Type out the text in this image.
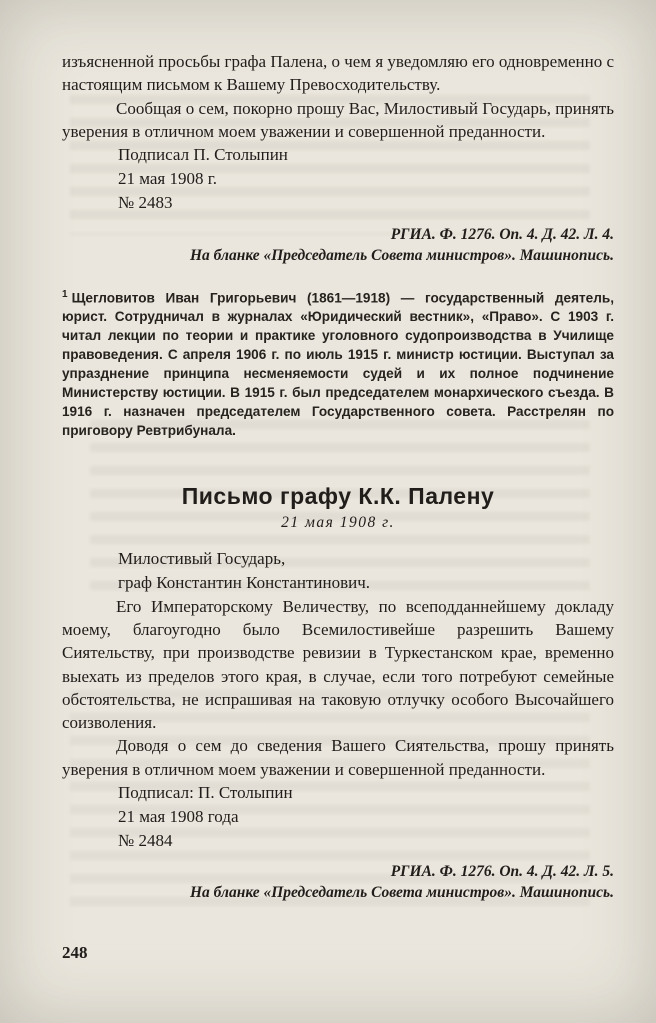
изъясненной просьбы графа Палена, о чем я уведомляю его одновременно с настоящим письмом к Вашему Превосходительству.

Сообщая о сем, покорно прошу Вас, Милостивый Государь, принять уверения в отличном моем уважении и совершенной преданности.

Подписал П. Столыпин
21 мая 1908 г.
№ 2483
РГИА. Ф. 1276. Оп. 4. Д. 42. Л. 4.
На бланке «Председатель Совета министров». Машинопись.

$^1$ Щегловитов Иван Григорьевич (1861—1918) — государственный деятель, юрист. Сотрудничал в журналах «Юридический вестник», «Право». С 1903 г. читал лекции по теории и практике уголовного судопроизводства в Училище правоведения. С апреля 1906 г. по июль 1915 г. министр юстиции. Выступал за упразднение принципа несменяемости судей и их полное подчинение Министерству юстиции. В 1915 г. был председателем монархического съезда. В 1916 г. назначен председателем Государственного совета. Расстрелян по приговору Ревтрибунала.

Письмо графу К.К. Палену
21 мая 1908 г.
Милостивый Государь,
граф Константин Константинович.

Его Императорскому Величеству, по всеподданнейшему докладу моему, благоугодно было Всемилостивейше разрешить Вашему Сиятельству, при производстве ревизии в Туркестанском крае, временно выехать из пределов этого края, в случае, если того потребуют семейные обстоятельства, не испрашивая на таковую отлучку особого Высочайшего соизволения.

Доводя о сем до сведения Вашего Сиятельства, прошу принять уверения в отличном моем уважении и совершенной преданности.

Подписал: П. Столыпин
21 мая 1908 года
№ 2484
РГИА. Ф. 1276. Оп. 4. Д. 42. Л. 5.
На бланке «Председатель Совета министров». Машинопись.
248
